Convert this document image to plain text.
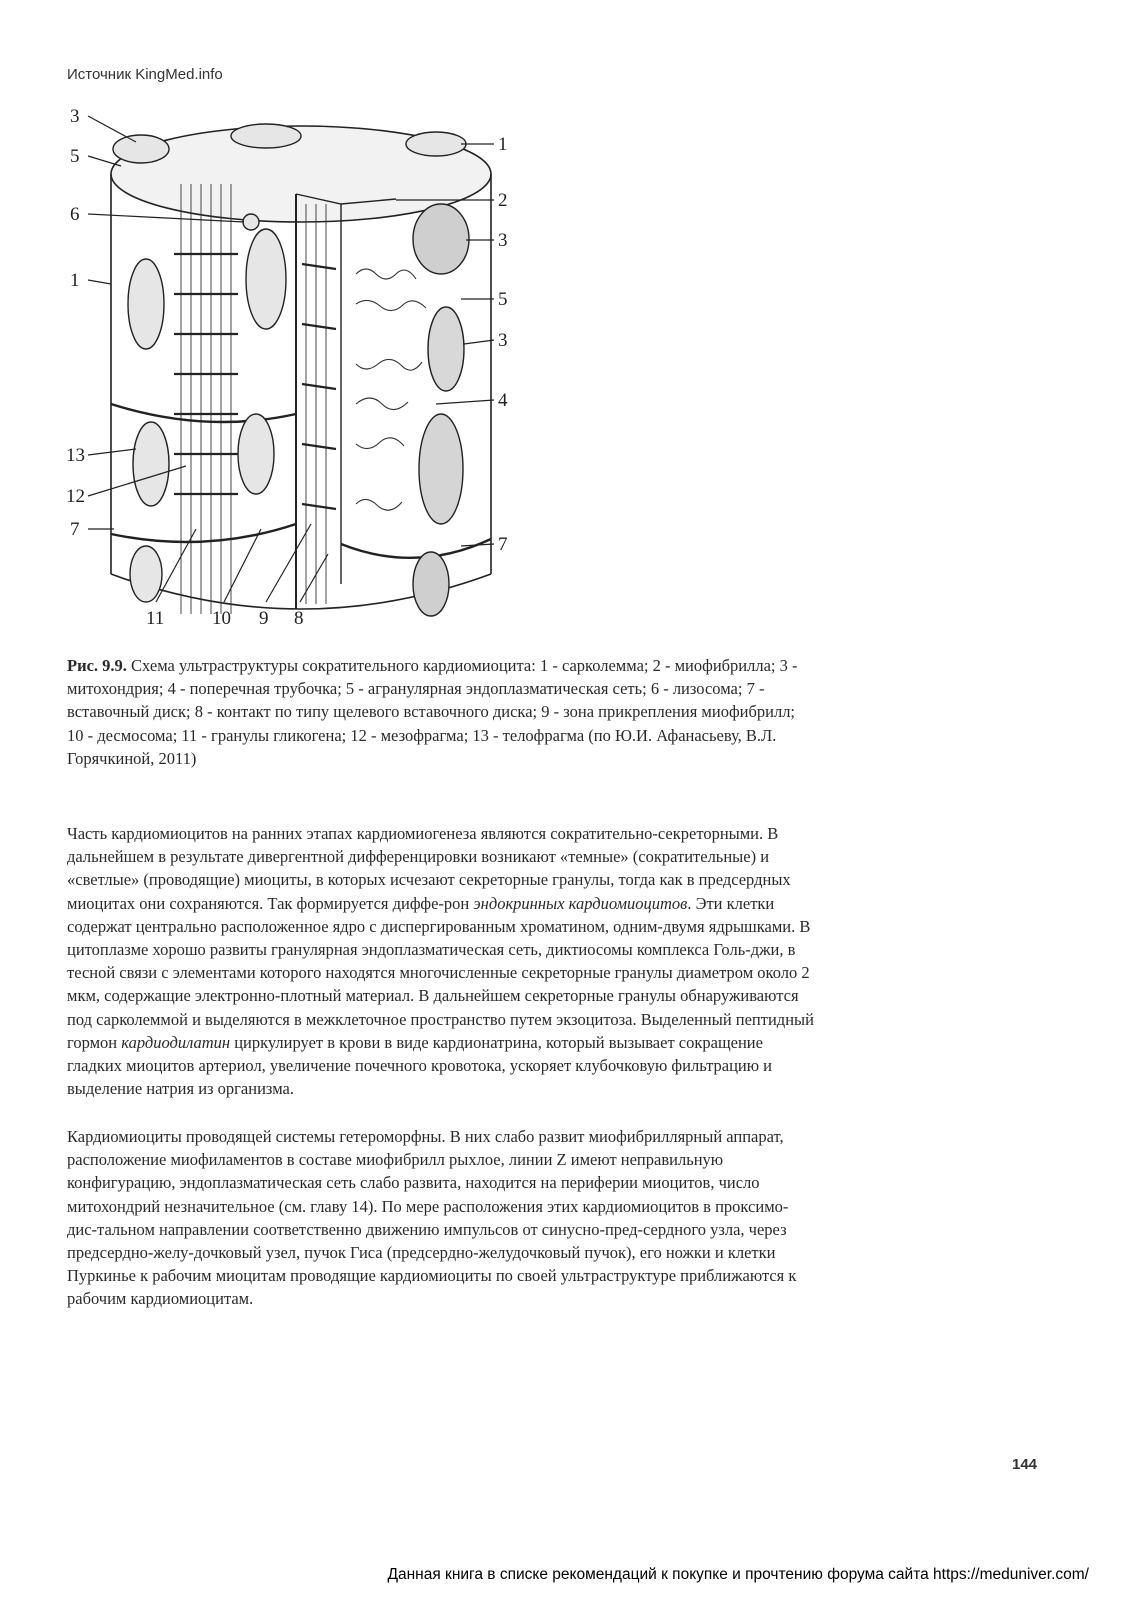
Источник KingMed.info
3
5
6
1
13
12
7
1
2
3
5
3
4
7
11	10 9 8
Рис. 9.9. Схема ультраструктуры сократительного кардиомиоцита: 1 - сарколемма; 2 - миофибрилла; 3 -
митохондрия; 4 - поперечная трубочка; 5 - агранулярная эндоплазматическая сеть; 6 - лизосома; 7 -
вставочный диск; 8 - контакт по типу щелевого вставочного диска; 9 - зона прикрепления миофибрилл;
10 - десмосома; 11 - гранулы гликогена; 12 - мезофрагма; 13 - телофрагма (по Ю.И. Афанасьеву, В.Л.
Горячкиной, 2011)
Часть кардиомиоцитов на ранних этапах кардиомиогенеза являются сократительно-секреторными. В
дальнейшем в результате дивергентной дифференцировки возникают «темные» (сократительные) и
«светлые» (проводящие) миоциты, в которых исчезают секреторные гранулы, тогда как в предсердных
миоцитах они сохраняются. Так формируется диффе-рон эндокринных кардиомиоцитов. Эти клетки
содержат центрально расположенное ядро с диспергированным хроматином, одним-двумя ядрышками. В
цитоплазме хорошо развиты гранулярная эндоплазматическая сеть, диктиосомы комплекса Голь-джи, в
тесной связи с элементами которого находятся многочисленные секреторные гранулы диаметром около 2
мкм, содержащие электронно-плотный материал. В дальнейшем секреторные гранулы обнаруживаются
под сарколеммой и выделяются в межклеточное пространство путем экзоцитоза. Выделенный пептидный
гормон кардиодилатин циркулирует в крови в виде кардионатрина, который вызывает сокращение
гладких миоцитов артериол, увеличение почечного кровотока, ускоряет клубочковую фильтрацию и
выделение натрия из организма.
Кардиомиоциты проводящей системы гетероморфны. В них слабо развит миофибриллярный аппарат,
расположение миофиламентов в составе миофибрилл рыхлое, линии Z имеют неправильную
конфигурацию, эндоплазматическая сеть слабо развита, находится на периферии миоцитов, число
митохондрий незначительное (см. главу 14). По мере расположения этих кардиомиоцитов в проксимо-
дис-тальном направлении соответственно движению импульсов от синусно-пред-сердного узла, через
предсердно-желу-дочковый узел, пучок Гиса (предсердно-желудочковый пучок), его ножки и клетки
Пуркинье к рабочим миоцитам проводящие кардиомиоциты по своей ультраструктуре приближаются к
рабочим кардиомиоцитам.
144
Данная книга в списке рекомендаций к покупке и прочтению форума сайта https://meduniver.com/
